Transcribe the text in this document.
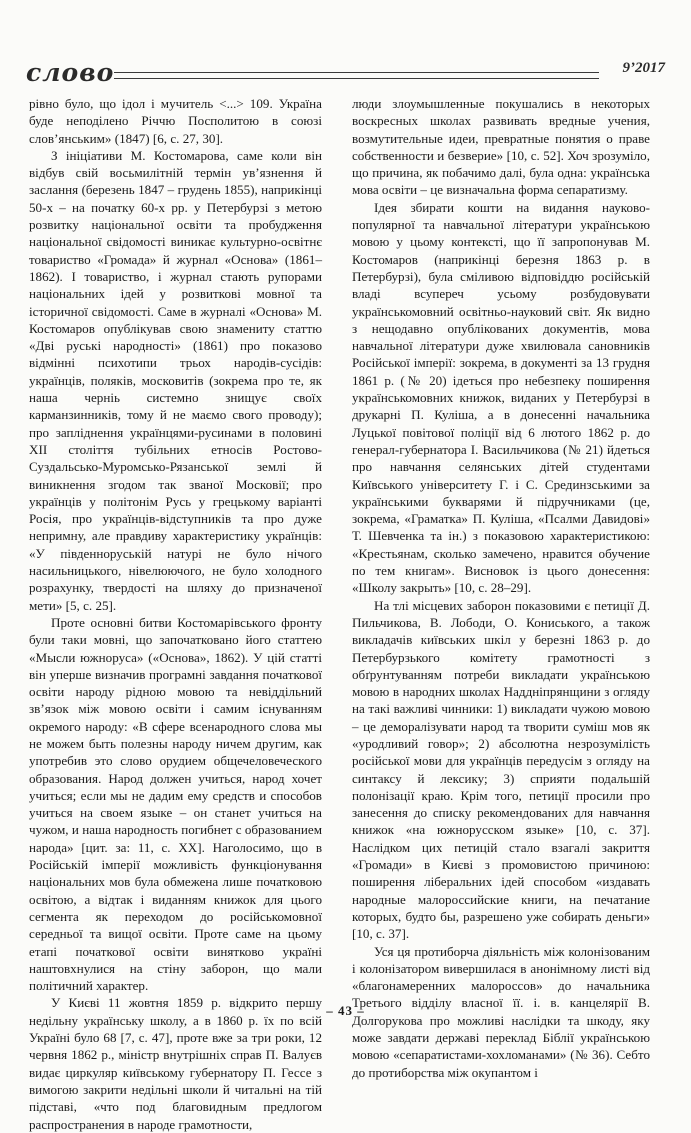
слово	9’2017

рівно було, що ідол і мучитель <...> 109. Україна буде неподілено Річчю Посполитою в союзі слов’янським» (1847) [6, с. 27, 30].

З ініціативи М. Костомарова, саме коли він відбув свій восьмилітній термін ув’язнення й заслання (березень 1847 – грудень 1855), наприкінці 50-х – на початку 60-х рр. у Петербурзі з метою розвитку національної освіти та пробудження національної свідомості виникає культурно-освітнє товариство «Громада» й журнал «Основа» (1861–1862). І товариство, і журнал стають рупорами національних ідей у розвиткові мовної та історичної свідомості. Саме в журналі «Основа» М. Костомаров опублікував свою знамениту статтю «Дві руські народності» (1861) про показово відмінні психотипи трьох народів-сусідів: українців, поляків, московитів (зокрема про те, як наша черніь системно знищує своїх карманзинників, тому й не маємо свого проводу); про запліднення українцями-русинами в половині XII століття тубільних етносів Ростово-Суздальсько-Муромсько-Рязанської землі й виникнення згодом так званої Московії; про українців у політонім Русь у грецькому варіанті Росія, про українців-відступників та про дуже непримну, але правдиву характеристику українців: «У південноруській натурі не було нічого насильницького, нівелюючого, не було холодного розрахунку, твердості на шляху до призначеної мети» [5, с. 25].

Проте основні битви Костомарівського фронту були таки мовні, що започатковано його статтею «Мысли южноруса» («Основа», 1862). У цій статті він уперше визначив програмні завдання початкової освіти народу рідною мовою та невіддільний зв’язок між мовою освіти і самим існуванням окремого народу: «В сфере всенародного слова мы не можем быть полезны народу ничем другим, как употребив это слово орудием общечеловеческого образования. Народ должен учиться, народ хочет учиться; если мы не дадим ему средств и способов учиться на своем языке – он станет учиться на чужом, и наша народность погибнет с образованием народа» [цит. за: 11, с. XX]. Наголосимо, що в Російській імперії можливість функціонування національних мов була обмежена лише початковою освітою, а відтак і виданням книжок для цього сегмента як переходом до російськомовної середньої та вищої освіти. Проте саме на цьому етапі початкової освіти винятково україні наштовхнулися на стіну заборон, що мали політичний характер.

У Києві 11 жовтня 1859 р. відкрито першу недільну українську школу, а в 1860 р. їх по всій Україні було 68 [7, с. 47], проте вже за три роки, 12 червня 1862 р., міністр внутрішніх справ П. Валуєв видає циркуляр київському губернатору П. Гессе з вимогою закрити недільні школи й читальні на тій підставі, «что под благовидным предлогом распространения в народе грамотности,

люди злоумышленные покушались в некоторых воскресных школах развивать вредные учения, возмутительные идеи, превратные понятия о праве собственности и безверие» [10, с. 52]. Хоч зрозуміло, що причина, як побачимо далі, була одна: українська мова освіти – це визначальна форма сепаратизму.

Ідея збирати кошти на видання науково-популярної та навчальної літератури українською мовою у цьому контексті, що її запропонував М. Костомаров (наприкінці березня 1863 р. в Петербурзі), була сміливою відповіддю російській владі всупереч усьому розбудовувати українськомовний освітньо-науковий світ. Як видно з нещодавно опублікованих документів, мова навчальної літератури дуже хвилювала сановників Російської імперії: зокрема, в документі за 13 грудня 1861 р. (№ 20) ідеться про небезпеку поширення українськомовних книжок, виданих у Петербурзі в друкарні П. Куліша, а в донесенні начальника Луцької повітової поліції від 6 лютого 1862 р. до генерал-губернатора І. Васильчикова (№ 21) йдеться про навчання селянських дітей студентами Київського університету Г. і С. Срединзськими за українськими букварями й підручниками (це, зокрема, «Граматка» П. Куліша, «Псалми Давидові» Т. Шевченка та ін.) з показовою характеристикою: «Крестьянам, сколько замечено, нравится обучение по тем книгам». Висновок із цього донесення: «Школу закрыть» [10, с. 28–29].

На тлі місцевих заборон показовими є петиції Д. Пильчикова, В. Лободи, О. Кониського, а також викладачів київських шкіл у березні 1863 р. до Петербурзького комітету грамотності з обґрунтуванням потреби викладати українською мовою в народних школах Наддніпрянщини з огляду на такі важливі чинники: 1) викладати чужою мовою – це деморалізувати народ та творити суміш мов як «уродливий говор»; 2) абсолютна незрозумілість російської мови для українців передусім з огляду на синтаксу й лексику; 3) сприяти подальшій полонізації краю. Крім того, петиції просили про занесення до списку рекомендованих для навчання книжок «на южнорусском языке» [10, с. 37]. Наслідком цих петицій стало взагалі закриття «Громади» в Києві з промовистою причиною: поширення ліберальних ідей способом «издавать народные малороссийские книги, на печатание которых, будто бы, разрешено уже собирать деньги» [10, с. 37].

Уся ця протиборча діяльність між колонізованим і колонізатором вивершилася в анонімному листі від «благонамеренних малороссов» до начальника Третього відділу власної її. і. в. канцелярії В. Долгорукова про можливі наслідки та шкоду, яку може завдати державі переклад Біблії українською мовою «сепаратистами-хохломанами» (№ 36). Себто до протиборства між окупантом і

– 43 –
